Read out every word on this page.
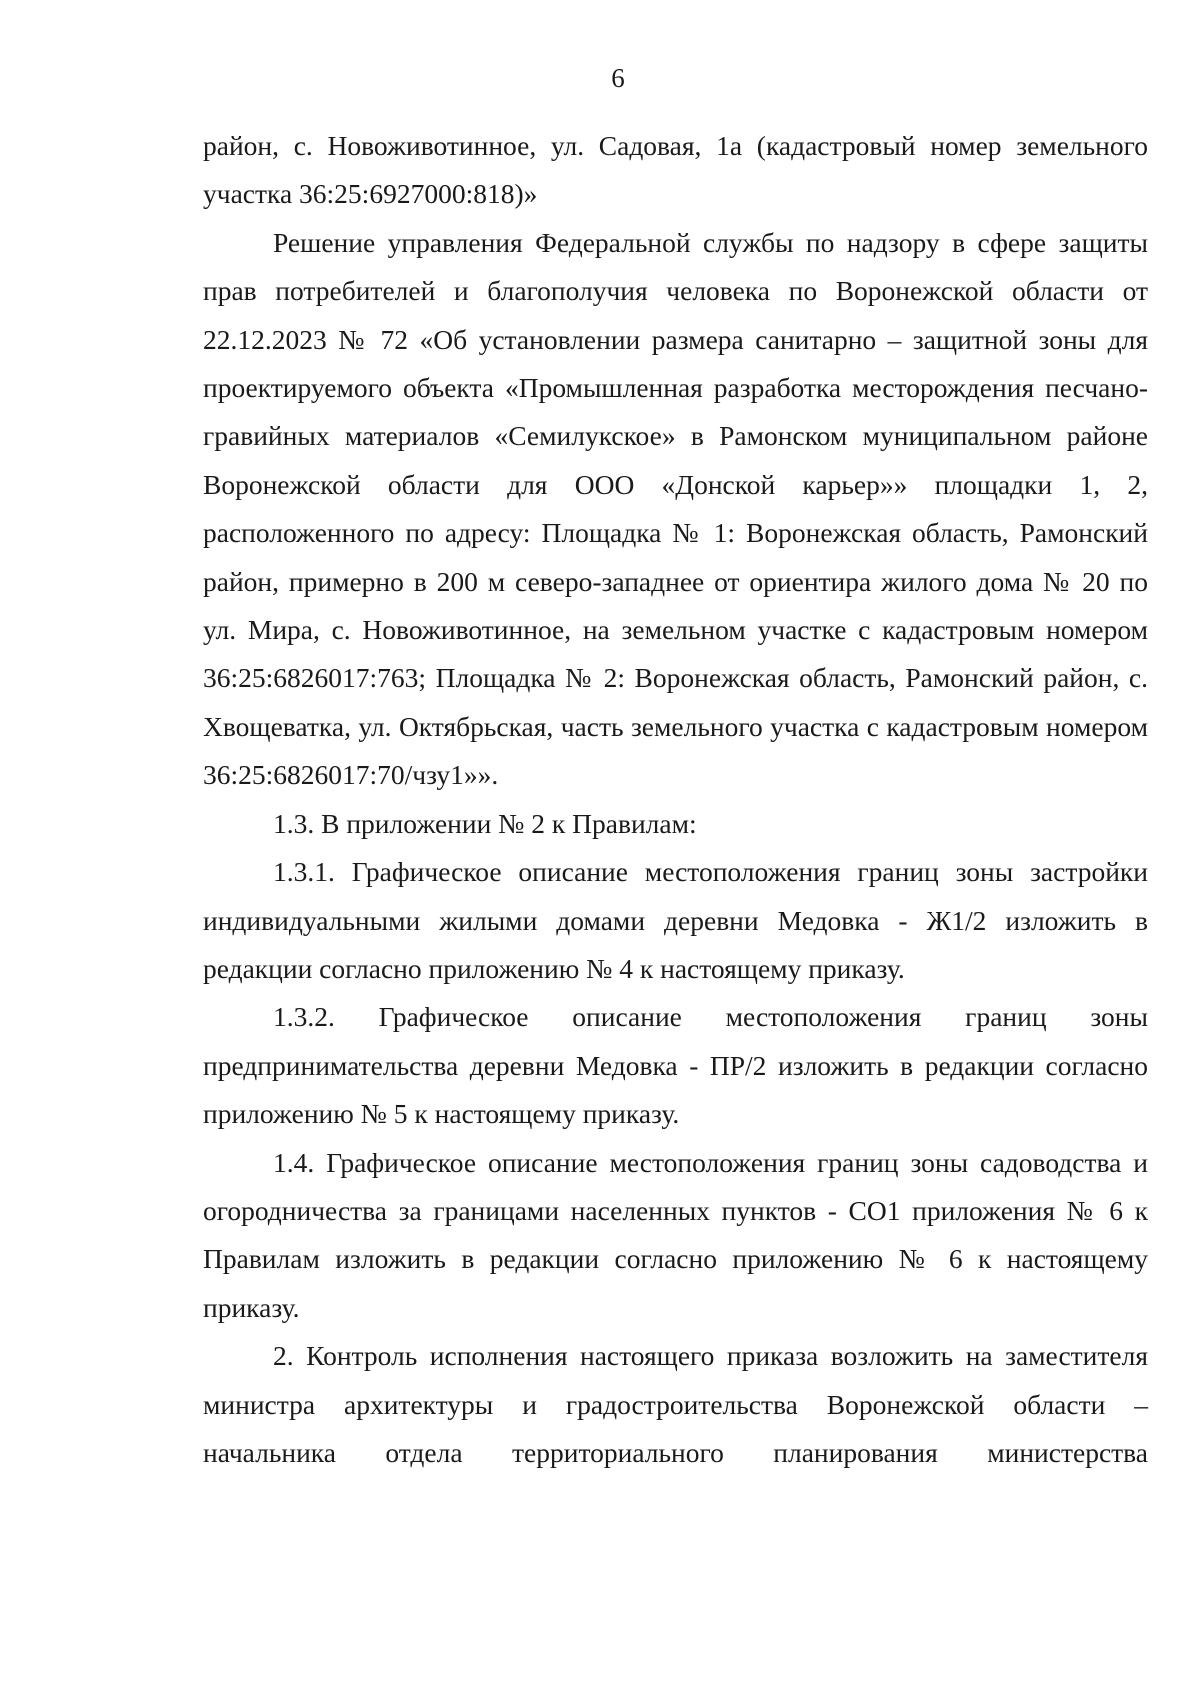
6

район, с. Новоживотинное, ул. Садовая, 1а (кадастровый номер земельного участка 36:25:6927000:818)»

Решение управления Федеральной службы по надзору в сфере защиты прав потребителей и благополучия человека по Воронежской области от 22.12.2023 № 72 «Об установлении размера санитарно – защитной зоны для проектируемого объекта «Промышленная разработка месторождения песчано-гравийных материалов «Семилукское» в Рамонском муниципальном районе Воронежской области для ООО «Донской карьер»» площадки 1, 2, расположенного по адресу: Площадка № 1: Воронежская область, Рамонский район, примерно в 200 м северо-западнее от ориентира жилого дома № 20 по ул. Мира, с. Новоживотинное, на земельном участке с кадастровым номером 36:25:6826017:763; Площадка № 2: Воронежская область, Рамонский район, с. Хвощеватка, ул. Октябрьская, часть земельного участка с кадастровым номером 36:25:6826017:70/чзу1»».

1.3. В приложении № 2 к Правилам:

1.3.1. Графическое описание местоположения границ зоны застройки индивидуальными жилыми домами деревни Медовка - Ж1/2 изложить в редакции согласно приложению № 4 к настоящему приказу.

1.3.2. Графическое описание местоположения границ зоны предпринимательства деревни Медовка - ПР/2 изложить в редакции согласно приложению № 5 к настоящему приказу.

1.4. Графическое описание местоположения границ зоны садоводства и огородничества за границами населенных пунктов - СО1 приложения № 6 к Правилам изложить в редакции согласно приложению № 6 к настоящему приказу.

2. Контроль исполнения настоящего приказа возложить на заместителя министра архитектуры и градостроительства Воронежской области – начальника отдела территориального планирования министерства
